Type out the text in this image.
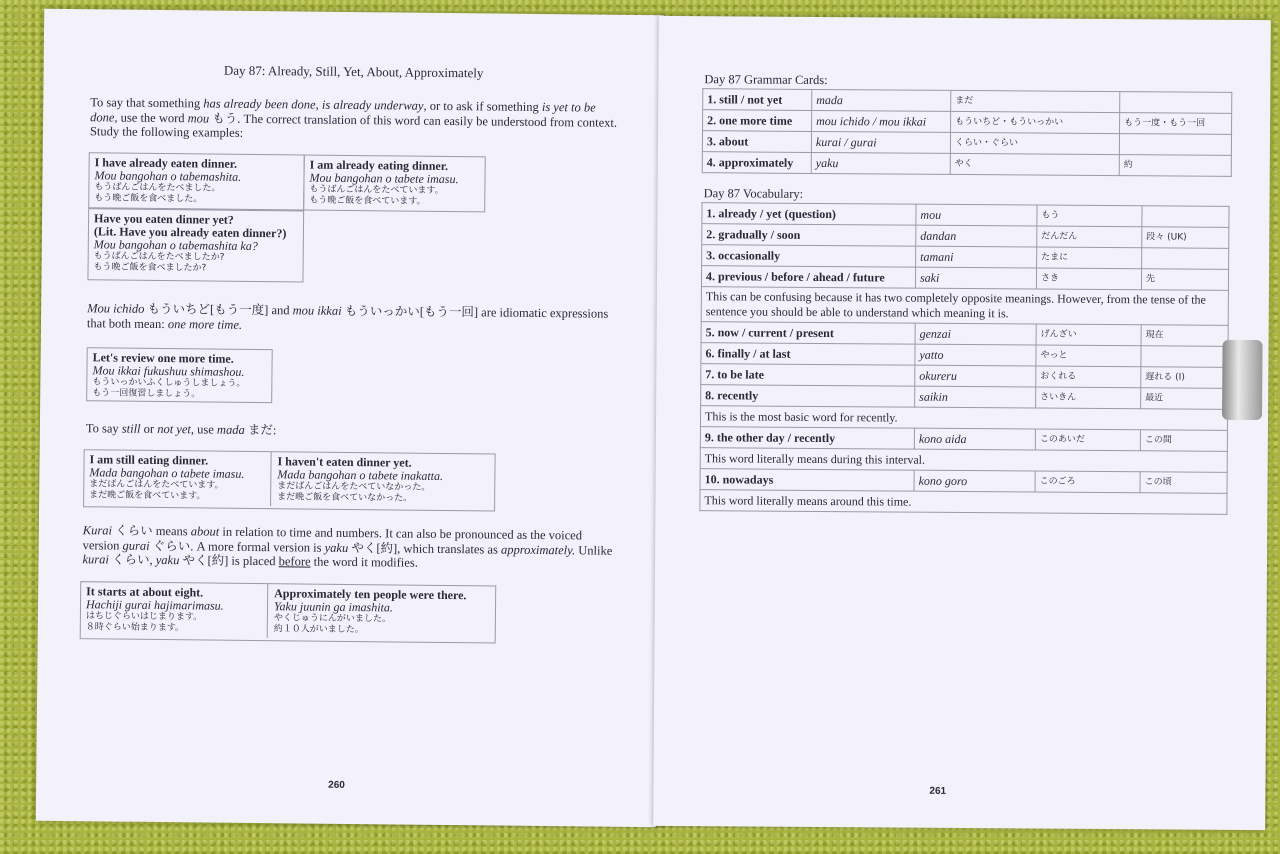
Day 87: Already, Still, Yet, About, Approximately
To say that something has already been done, is already underway, or to ask if something is yet to be done, use the word mou もう. The correct translation of this word can easily be understood from context. Study the following examples:
I have already eaten dinner.
Mou bangohan o tabemashita.
もうばんごはんをたべました。
もう晩ご飯を食べました。
I am already eating dinner.
Mou bangohan o tabete imasu.
もうばんごはんをたべています。
もう晩ご飯を食べています。
Have you eaten dinner yet?
(Lit. Have you already eaten dinner?)
Mou bangohan o tabemashita ka?
もうばんごはんをたべましたか?
もう晩ご飯を食べましたか?
Mou ichido もういちど[もう一度] and mou ikkai もういっかい[もう一回] are idiomatic expressions that both mean: one more time.
Let's review one more time.
Mou ikkai fukushuu shimashou.
もういっかいふくしゅうしましょう。
もう一回復習しましょう。
To say still or not yet, use mada まだ:
I am still eating dinner.
Mada bangohan o tabete imasu.
まだばんごはんをたべています。
まだ晩ご飯を食べています。
I haven't eaten dinner yet.
Mada bangohan o tabete inakatta.
まだばんごはんをたべていなかった。
まだ晩ご飯を食べていなかった。
Kurai くらい means about in relation to time and numbers. It can also be pronounced as the voiced version gurai ぐらい. A more formal version is yaku やく[約], which translates as approximately. Unlike kurai くらい, yaku やく[約] is placed before the word it modifies.
It starts at about eight.
Hachiji gurai hajimarimasu.
はちじぐらいはじまります。
８時ぐらい始まります。
Approximately ten people were there.
Yaku juunin ga imashita.
やくじゅうにんがいました。
約１０人がいました。
260
Day 87 Grammar Cards:
1. still / not yet	mada	まだ	
2. one more time	mou ichido / mou ikkai	もういちど・もういっかい	もう一度・もう一回
3. about	kurai / gurai	くらい・ぐらい	
4. approximately	yaku	やく	約
Day 87 Vocabulary:
1. already / yet (question)	mou	もう	
2. gradually / soon	dandan	だんだん	段々 (UK)
3. occasionally	tamani	たまに	
4. previous / before / ahead / future	saki	さき	先
This can be confusing because it has two completely opposite meanings. However, from the tense of the sentence you should be able to understand which meaning it is.			
5. now / current / present	genzai	げんざい	現在
6. finally / at last	yatto	やっと	
7. to be late	okureru	おくれる	遅れる (I)
8. recently	saikin	さいきん	最近
This is the most basic word for recently.			
9. the other day / recently	kono aida	このあいだ	この間
This word literally means during this interval.			
10. nowadays	kono goro	このごろ	この頃
This word literally means around this time.			
261
